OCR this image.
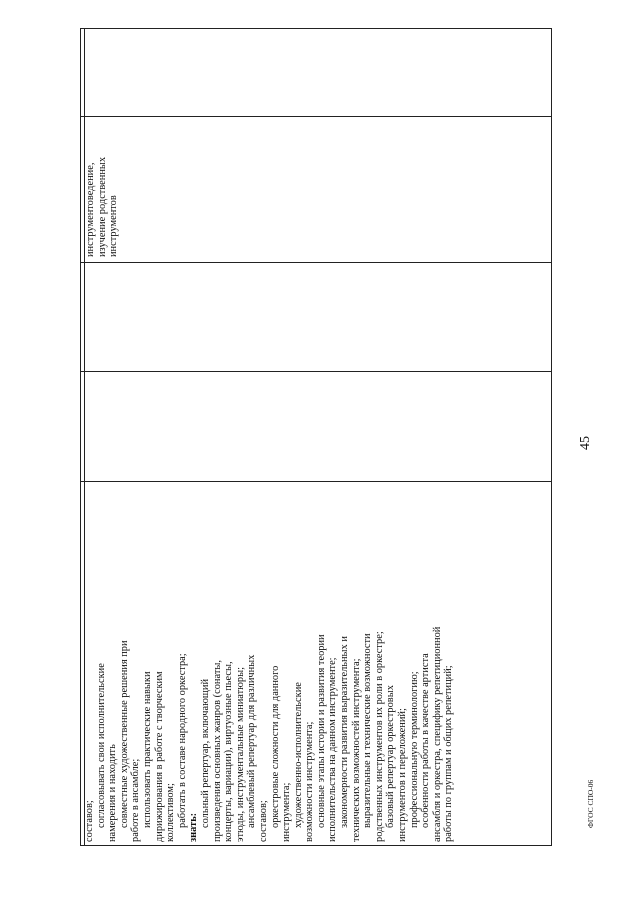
инструментоведение, изучение родственных инструментов
составов; согласовывать свои исполнительские намерения и находить совместные художественные решения при работе в ансамбле; использовать практические навыки дирижирования в работе с творческим коллективом; работать в составе народного оркестра; знать: сольный репертуар, включающий произведения основных жанров (сонаты, концерты, вариации), виртуозные пьесы, этюды, инструментальные миниатюры; ансамблевый репертуар для различных составов; оркестровые сложности для данного инструмента; художественно-исполнительские возможности инструмента; основные этапы истории и развития теории исполнительства на данном инструменте; закономерности развития выразительных и технических возможностей инструмента; выразительные и технические возможности родственных инструментов их роли в оркестре; базовый репертуар оркестровых инструментов и переложений; профессиональную терминологию; особенности работы в качестве артиста ансамбля и оркестра, специфику репетиционной работы по группам и общих репетиций;
45
ФГОС СПО-06
